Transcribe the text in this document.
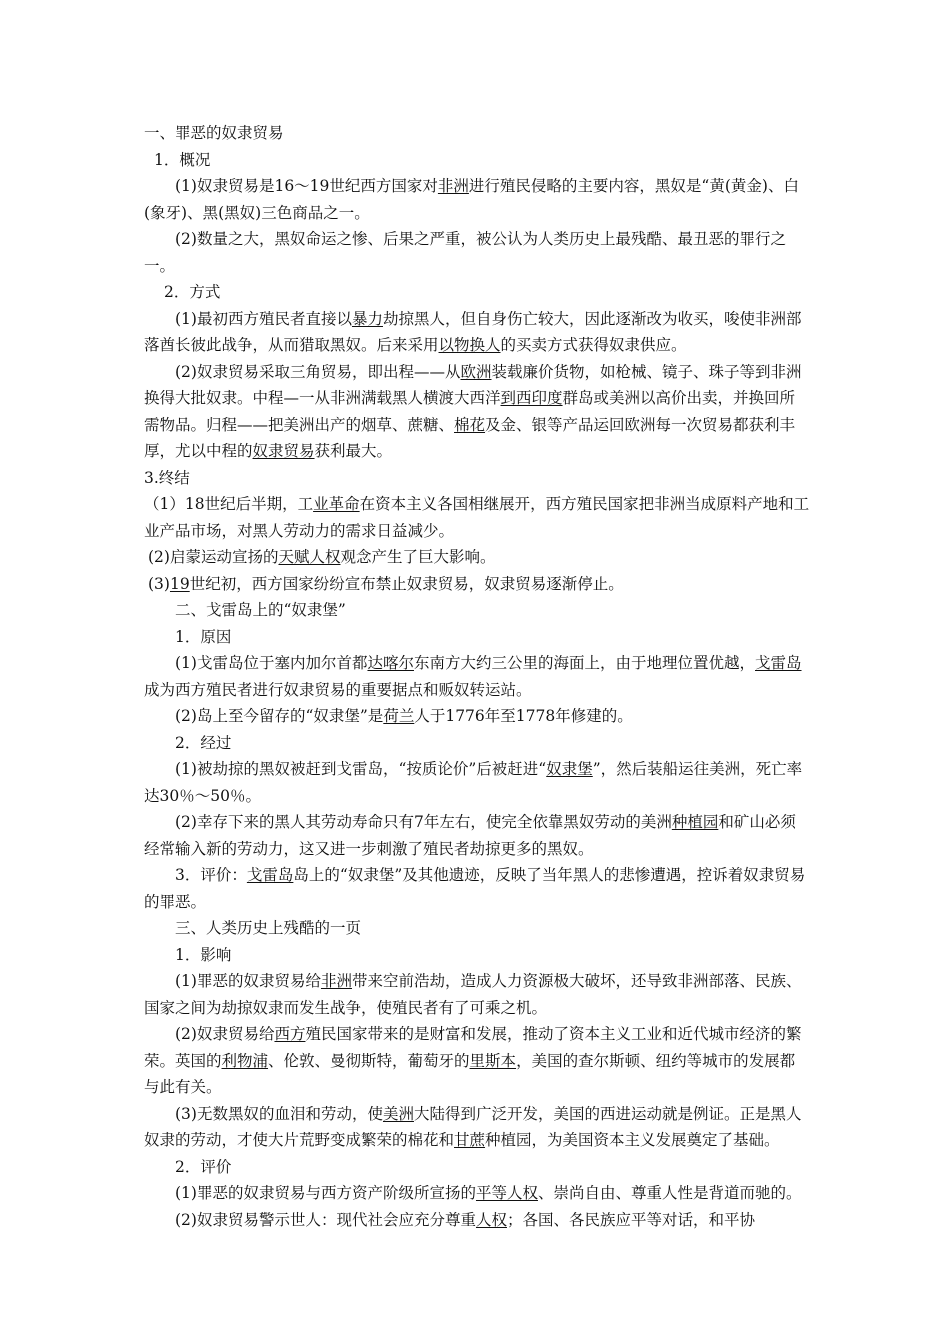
一、罪恶的奴隶贸易

1．概况

(1)奴隶贸易是16～19世纪西方国家对非洲进行殖民侵略的主要内容，黑奴是“黄(黄金)、白(象牙)、黑(黑奴)三色商品之一。

(2)数量之大，黑奴命运之惨、后果之严重，被公认为人类历史上最残酷、最丑恶的罪行之一。

2．方式

(1)最初西方殖民者直接以暴力劫掠黑人，但自身伤亡较大，因此逐渐改为收买，唆使非洲部落酋长彼此战争，从而猎取黑奴。后来采用以物换人的买卖方式获得奴隶供应。

(2)奴隶贸易采取三角贸易，即出程——从欧洲装载廉价货物，如枪械、镜子、珠子等到非洲换得大批奴隶。中程—一从非洲满载黑人横渡大西洋到西印度群岛或美洲以高价出卖，并换回所需物品。归程——把美洲出产的烟草、蔗糖、棉花及金、银等产品运回欧洲每一次贸易都获利丰厚，尤以中程的奴隶贸易获利最大。

3.终结

（1）18世纪后半期，工业革命在资本主义各国相继展开，西方殖民国家把非洲当成原料产地和工业产品市场，对黑人劳动力的需求日益减少。

(2)启蒙运动宣扬的天赋人权观念产生了巨大影响。

(3)19世纪初，西方国家纷纷宣布禁止奴隶贸易，奴隶贸易逐渐停止。

二、戈雷岛上的“奴隶堡”

1．原因

(1)戈雷岛位于塞内加尔首都达喀尔东南方大约三公里的海面上，由于地理位置优越，戈雷岛成为西方殖民者进行奴隶贸易的重要据点和贩奴转运站。

(2)岛上至今留存的“奴隶堡”是荷兰人于1776年至1778年修建的。

2．经过

(1)被劫掠的黑奴被赶到戈雷岛，“按质论价”后被赶进“奴隶堡”，然后装船运往美洲，死亡率达30％～50％。

(2)幸存下来的黑人其劳动寿命只有7年左右，使完全依靠黑奴劳动的美洲种植园和矿山必须经常输入新的劳动力，这又进一步刺激了殖民者劫掠更多的黑奴。

3．评价：戈雷岛岛上的“奴隶堡”及其他遗迹，反映了当年黑人的悲惨遭遇，控诉着奴隶贸易的罪恶。

三、人类历史上残酷的一页

1．影响

(1)罪恶的奴隶贸易给非洲带来空前浩劫，造成人力资源极大破坏，还导致非洲部落、民族、国家之间为劫掠奴隶而发生战争，使殖民者有了可乘之机。

(2)奴隶贸易给西方殖民国家带来的是财富和发展，推动了资本主义工业和近代城市经济的繁荣。英国的利物浦、伦敦、曼彻斯特，葡萄牙的里斯本，美国的查尔斯顿、纽约等城市的发展都与此有关。

(3)无数黑奴的血泪和劳动，使美洲大陆得到广泛开发，美国的西进运动就是例证。正是黑人奴隶的劳动，才使大片荒野变成繁荣的棉花和甘蔗种植园，为美国资本主义发展奠定了基础。

2．评价

(1)罪恶的奴隶贸易与西方资产阶级所宣扬的平等人权、崇尚自由、尊重人性是背道而驰的。

(2)奴隶贸易警示世人：现代社会应充分尊重人权；各国、各民族应平等对话，和平协
